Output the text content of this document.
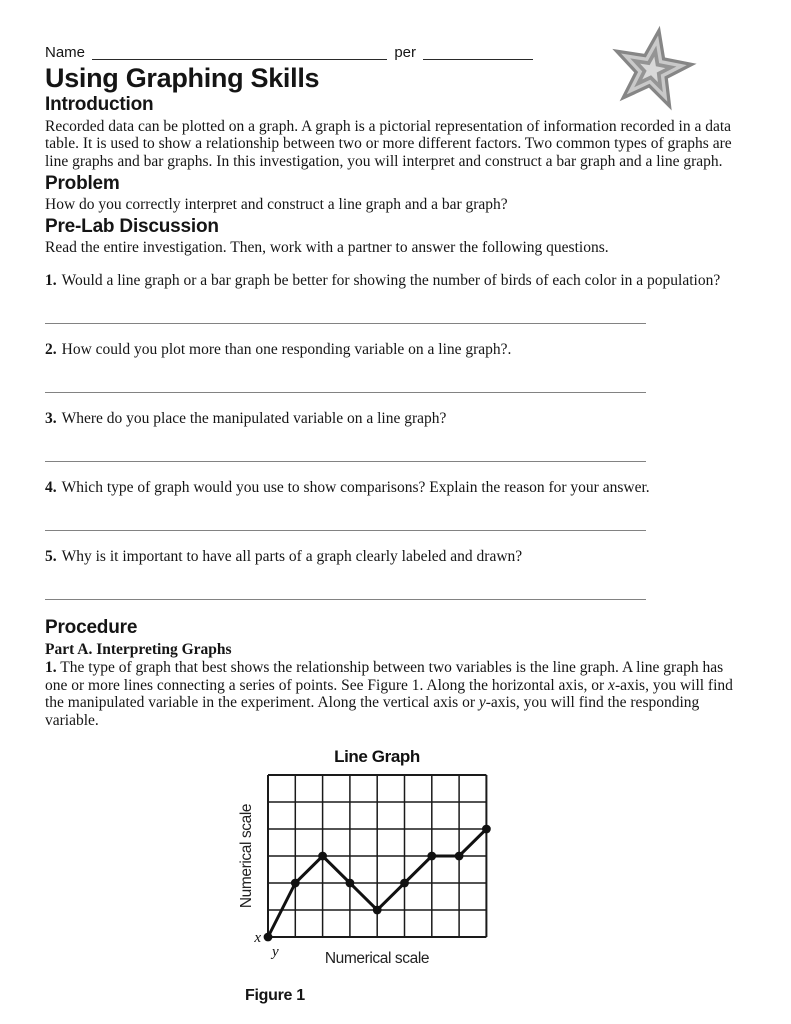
Name	per
Using Graphing Skills
Introduction

Recorded data can be plotted on a graph. A graph is a pictorial representation of information recorded in a data table. It is used to show a relationship between two or more different factors. Two common types of graphs are line graphs and bar graphs. In this investigation, you will interpret and construct a bar graph and a line graph.

Problem

How do you correctly interpret and construct a line graph and a bar graph?

Pre-Lab Discussion

Read the entire investigation. Then, work with a partner to answer the following questions.

1. Would a line graph or a bar graph be better for showing the number of birds of each color in a population?
2. How could you plot more than one responding variable on a line graph?.
3. Where do you place the manipulated variable on a line graph?
4. Which type of graph would you use to show comparisons? Explain the reason for your answer.
5. Why is it important to have all parts of a graph clearly labeled and drawn?
Procedure

Part A. Interpreting Graphs

1. The type of graph that best shows the relationship between two variables is the line graph. A line graph has one or more lines connecting a series of points. See Figure 1. Along the horizontal axis, or x-axis, you will find the manipulated variable in the experiment. Along the vertical axis or y-axis, you will find the responding variable.

Line Graph
Numerical scale
Numerical scale
x
y
Figure 1
